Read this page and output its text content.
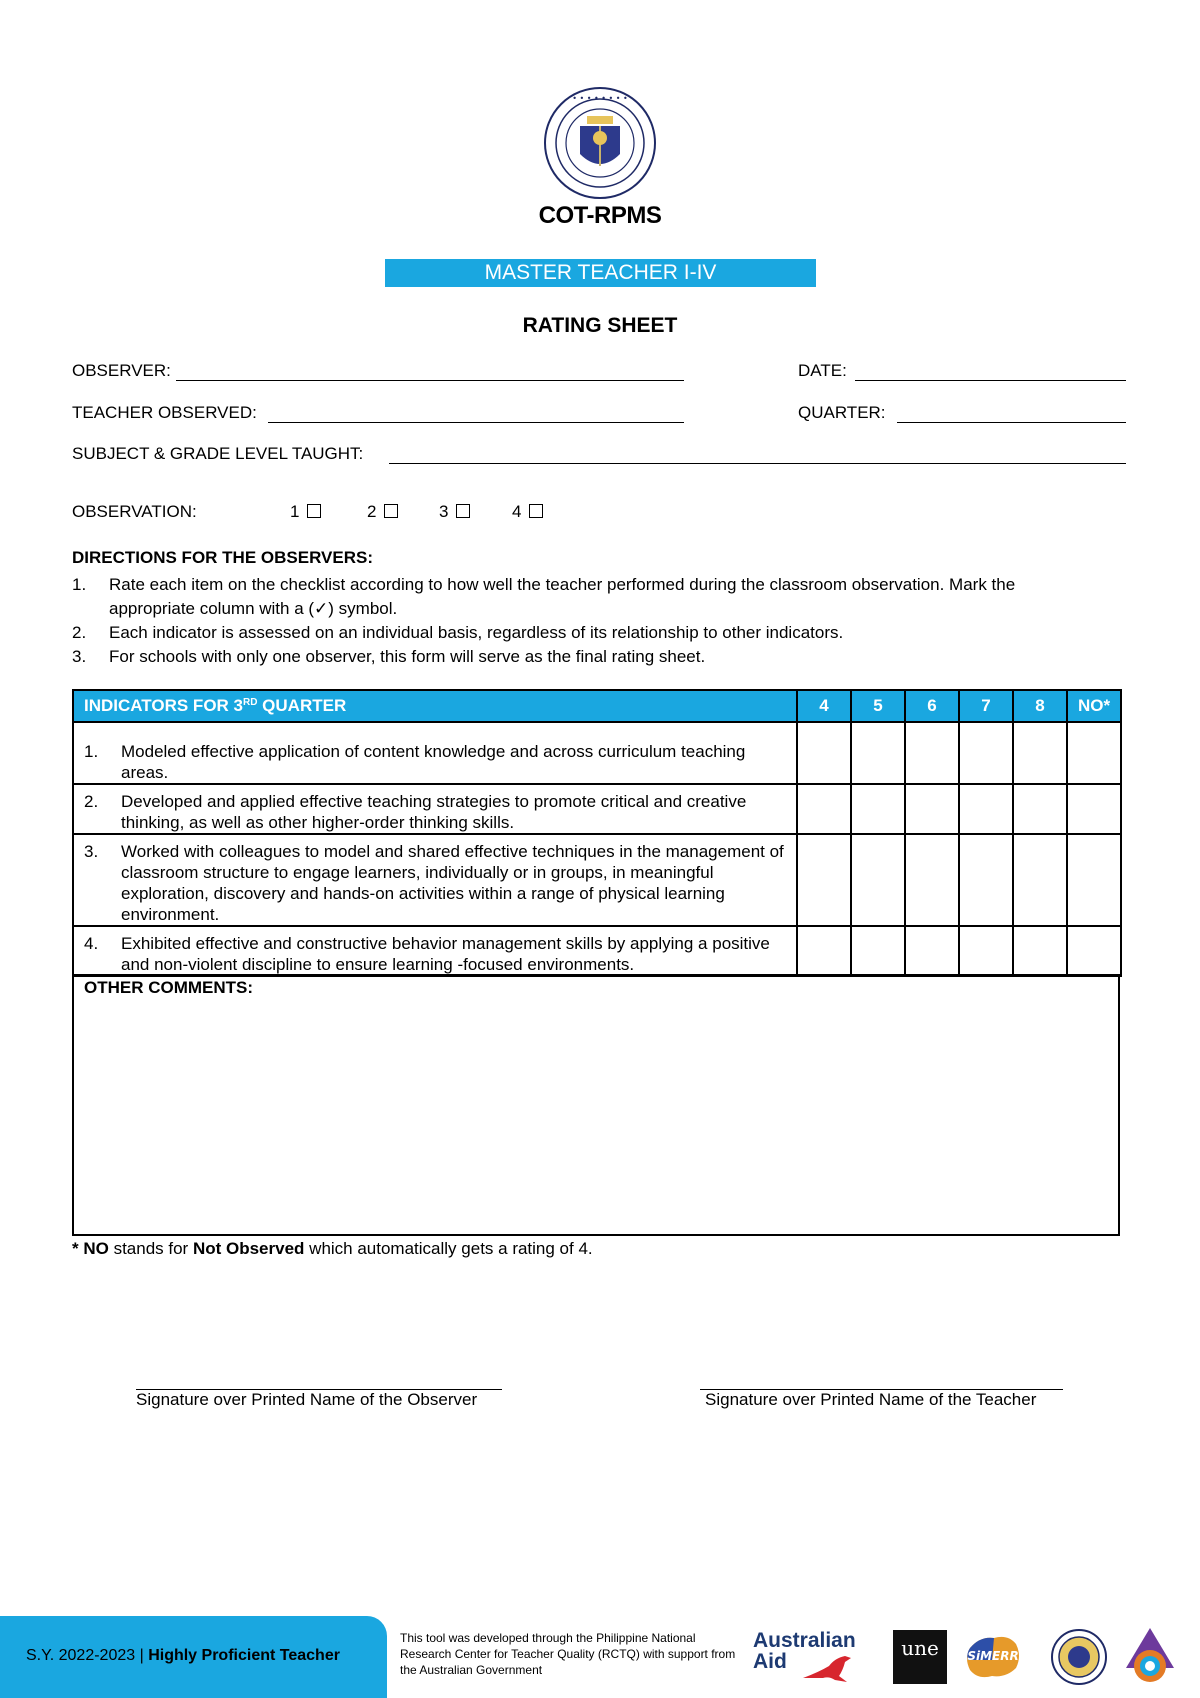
• • • • • • • •
COT-RPMS
MASTER TEACHER I-IV
RATING SHEET
OBSERVER:	DATE:
TEACHER OBSERVED:	QUARTER:
SUBJECT & GRADE LEVEL TAUGHT:
OBSERVATION:	1	2	3	4
DIRECTIONS FOR THE OBSERVERS:
1.	Rate each item on the checklist according to how well the teacher performed during the classroom observation. Mark the appropriate column with a (✓) symbol.
2.	Each indicator is assessed on an individual basis, regardless of its relationship to other indicators.
3.	For schools with only one observer, this form will serve as the final rating sheet.
INDICATORS FOR 3RD QUARTER	4	5	6	7	8	NO*

1. Modeled effective application of content knowledge and across curriculum teaching areas.						

2. Developed and applied effective teaching strategies to promote critical and creative thinking, as well as other higher-order thinking skills.						

3. Worked with colleagues to model and shared effective techniques in the management of classroom structure to engage learners, individually or in groups, in meaningful exploration, discovery and hands-on activities within a range of physical learning environment.						

4. Exhibited effective and constructive behavior management skills by applying a positive and non-violent discipline to ensure learning -focused environments.						

OTHER COMMENTS:
* NO stands for Not Observed which automatically gets a rating of 4.
Signature over Printed Name of the Observer	Signature over Printed Name of the Teacher
S.Y. 2022-2023 | Highly Proficient Teacher
This tool was developed through the Philippine National Research Center for Teacher Quality (RCTQ) with support from the Australian Government
Australian
Aid
une	SiMERR
